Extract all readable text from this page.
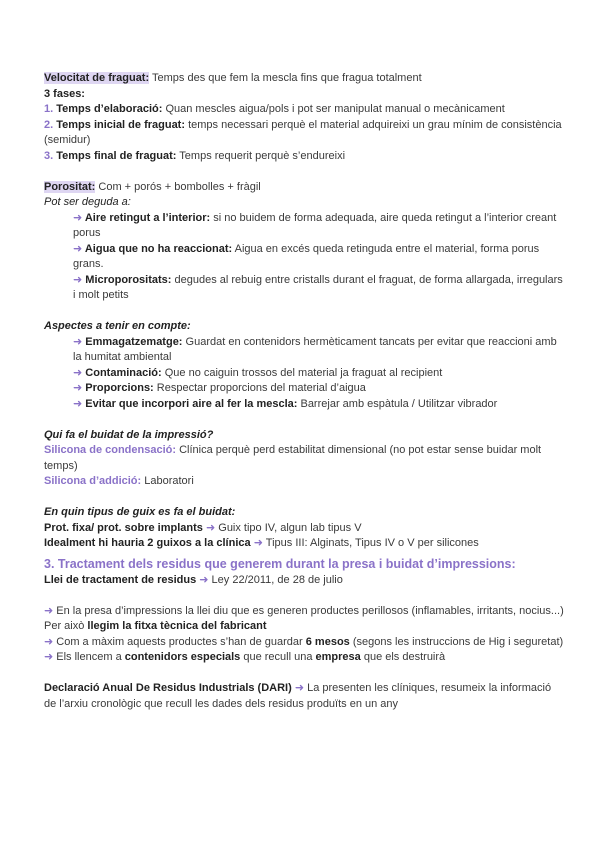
Velocitat de fraguat: Temps des que fem la mescla fins que fragua totalment

3 fases:

1. Temps d’elaboració: Quan mescles aigua/pols i pot ser manipulat manual o mecànicament

2. Temps inicial de fraguat: temps necessari perquè el material adquireixi un grau mínim de consistència (semidur)

3. Temps final de fraguat: Temps requerit perquè s’endureixi

Porositat: Com + porós + bombolles + fràgil

Pot ser deguda a:

➜ Aire retingut a l’interior: si no buidem de forma adequada, aire queda retingut a l’interior creant porus

➜ Aigua que no ha reaccionat: Aigua en excés queda retinguda entre el material, forma porus grans.

➜ Microporositats: degudes al rebuig entre cristalls durant el fraguat, de forma allargada, irregulars i molt petits

Aspectes a tenir en compte:

➜ Emmagatzematge: Guardat en contenidors hermèticament tancats per evitar que reaccioni amb la humitat ambiental

➜ Contaminació: Que no caiguin trossos del material ja fraguat al recipient

➜ Proporcions: Respectar proporcions del material d’aigua

➜ Evitar que incorpori aire al fer la mescla: Barrejar amb espàtula / Utilitzar vibrador

Qui fa el buidat de la impressió?

Silicona de condensació: Clínica perquè perd estabilitat dimensional (no pot estar sense buidar molt temps)

Silicona d’addició: Laboratori

En quin tipus de guix es fa el buidat:

Prot. fixa/ prot. sobre implants ➜ Guix tipo IV, algun lab tipus V

Idealment hi hauria 2 guixos a la clínica ➜ Tipus III: Alginats, Tipus IV o V per silicones

3. Tractament dels residus que generem durant la presa i buidat d’impressions:

Llei de tractament de residus ➜ Ley 22/2011, de 28 de julio

➜ En la presa d’impressions la llei diu que es generen productes perillosos (inflamables, irritants, nocius...) Per això llegim la fitxa tècnica del fabricant

➜ Com a màxim aquests productes s’han de guardar 6 mesos (segons les instruccions de Hig i seguretat)

➜ Els llencem a contenidors especials que recull una empresa que els destruirà

Declaració Anual De Residus Industrials (DARI) ➜ La presenten les clíniques, resumeix la informació de l’arxiu cronològic que recull les dades dels residus produïts en un any
